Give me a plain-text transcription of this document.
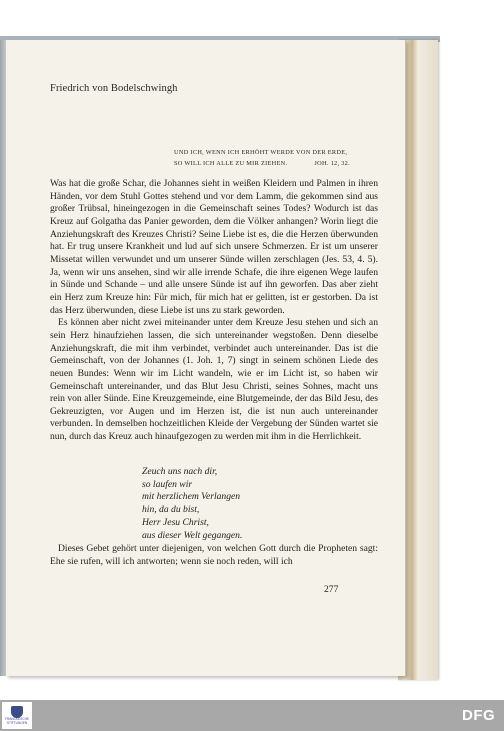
Friedrich von Bodelschwingh

UND ICH, WENN ICH ERHÖHT WERDE VON DER ERDE,
SO WILL ICH ALLE ZU MIR ZIEHEN.	JOH. 12, 32.

Was hat die große Schar, die Johannes sieht in weißen Kleidern und Palmen in ihren Händen, vor dem Stuhl Gottes stehend und vor dem Lamm, die gekommen sind aus großer Trübsal, hineingezogen in die Gemeinschaft seines Todes? Wodurch ist das Kreuz auf Golgatha das Panier geworden, dem die Völker anhangen? Worin liegt die Anziehungskraft des Kreuzes Christi? Seine Liebe ist es, die die Herzen überwunden hat. Er trug unsere Krankheit und lud auf sich unsere Schmerzen. Er ist um unserer Missetat willen verwundet und um unserer Sünde willen zerschlagen (Jes. 53, 4. 5). Ja, wenn wir uns ansehen, sind wir alle irrende Schafe, die ihre eigenen Wege laufen in Sünde und Schande – und alle unsere Sünde ist auf ihn geworfen. Das aber zieht ein Herz zum Kreuze hin: Für mich, für mich hat er gelitten, ist er gestorben. Da ist das Herz überwunden, diese Liebe ist uns zu stark geworden.

Es können aber nicht zwei miteinander unter dem Kreuze Jesu stehen und sich an sein Herz hinaufziehen lassen, die sich untereinander wegstoßen. Denn dieselbe Anziehungskraft, die mit ihm verbindet, verbindet auch untereinander. Das ist die Gemeinschaft, von der Johannes (1. Joh. 1, 7) singt in seinem schönen Liede des neuen Bundes: Wenn wir im Licht wandeln, wie er im Licht ist, so haben wir Gemeinschaft untereinander, und das Blut Jesu Christi, seines Sohnes, macht uns rein von aller Sünde. Eine Kreuzgemeinde, eine Blutgemeinde, der das Bild Jesu, des Gekreuzigten, vor Augen und im Herzen ist, die ist nun auch untereinander verbunden. In demselben hochzeitlichen Kleide der Vergebung der Sünden wartet sie nun, durch das Kreuz auch hinaufgezogen zu werden mit ihm in die Herrlichkeit.

Zeuch uns nach dir,
so laufen wir
mit herzlichem Verlangen
hin, da du bist,
Herr Jesu Christ,
aus dieser Welt gegangen.

Dieses Gebet gehört unter diejenigen, von welchen Gott durch die Propheten sagt: Ehe sie rufen, will ich antworten; wenn sie noch reden, will ich

277

FRANCKESCHE
STIFTUNGEN	DFG
